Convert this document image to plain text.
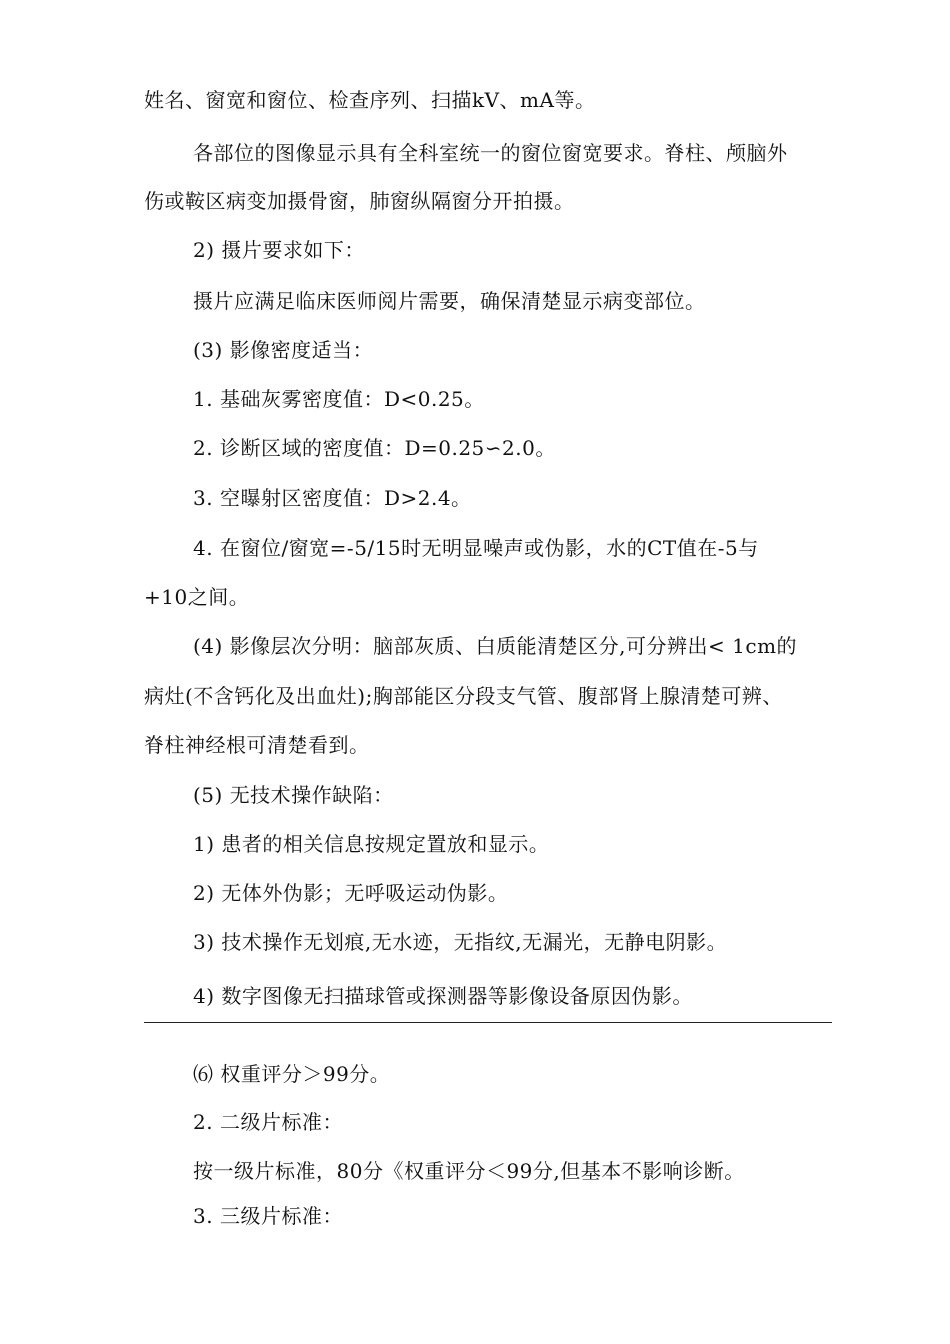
姓名、窗宽和窗位、检查序列、扫描kV、mA等。
各部位的图像显示具有全科室统一的窗位窗宽要求。脊柱、颅脑外
伤或鞍区病变加摄骨窗，肺窗纵隔窗分开拍摄。
2) 摄片要求如下：
摄片应满足临床医师阅片需要，确保清楚显示病变部位。
(3) 影像密度适当：
1. 基础灰雾密度值：D<0.25。
2. 诊断区域的密度值：D=0.25∽2.0。
3. 空曝射区密度值：D>2.4。
4. 在窗位/窗宽=-5/15时无明显噪声或伪影，水的CT值在-5与
+10之间。
(4) 影像层次分明：脑部灰质、白质能清楚区分,可分辨出< 1cm的
病灶(不含钙化及出血灶);胸部能区分段支气管、腹部肾上腺清楚可辨、
脊柱神经根可清楚看到。
(5) 无技术操作缺陷：
1) 患者的相关信息按规定置放和显示。
2) 无体外伪影；无呼吸运动伪影。
3) 技术操作无划痕,无水迹，无指纹,无漏光，无静电阴影。
4) 数字图像无扫描球管或探测器等影像设备原因伪影。
⑹ 权重评分＞99分。
2. 二级片标准：
按一级片标准，80分《权重评分＜99分,但基本不影响诊断。
3. 三级片标准：
